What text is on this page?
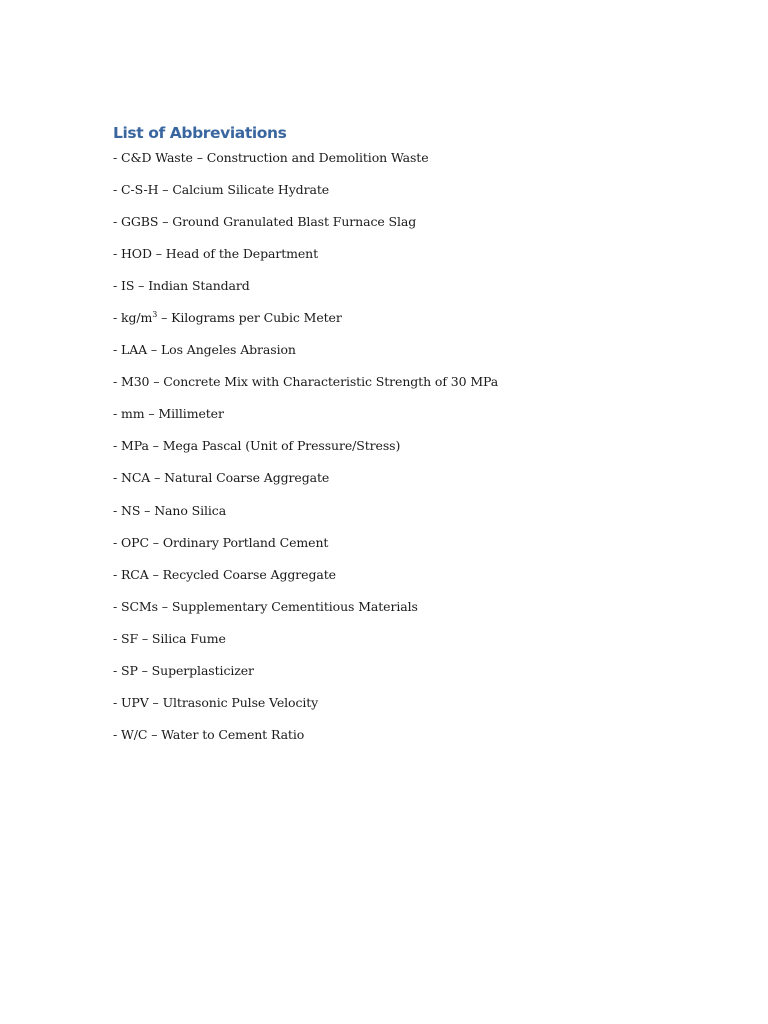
List of Abbreviations
- C&D Waste – Construction and Demolition Waste
- C-S-H – Calcium Silicate Hydrate
- GGBS – Ground Granulated Blast Furnace Slag
- HOD – Head of the Department
- IS – Indian Standard
- $kg/m^3$ – Kilograms per Cubic Meter
- LAA – Los Angeles Abrasion
- M30 – Concrete Mix with Characteristic Strength of 30 MPa
- mm – Millimeter
- MPa – Mega Pascal (Unit of Pressure/Stress)
- NCA – Natural Coarse Aggregate
- NS – Nano Silica
- OPC – Ordinary Portland Cement
- RCA – Recycled Coarse Aggregate
- SCMs – Supplementary Cementitious Materials
- SF – Silica Fume
- SP – Superplasticizer
- UPV – Ultrasonic Pulse Velocity
- W/C – Water to Cement Ratio
